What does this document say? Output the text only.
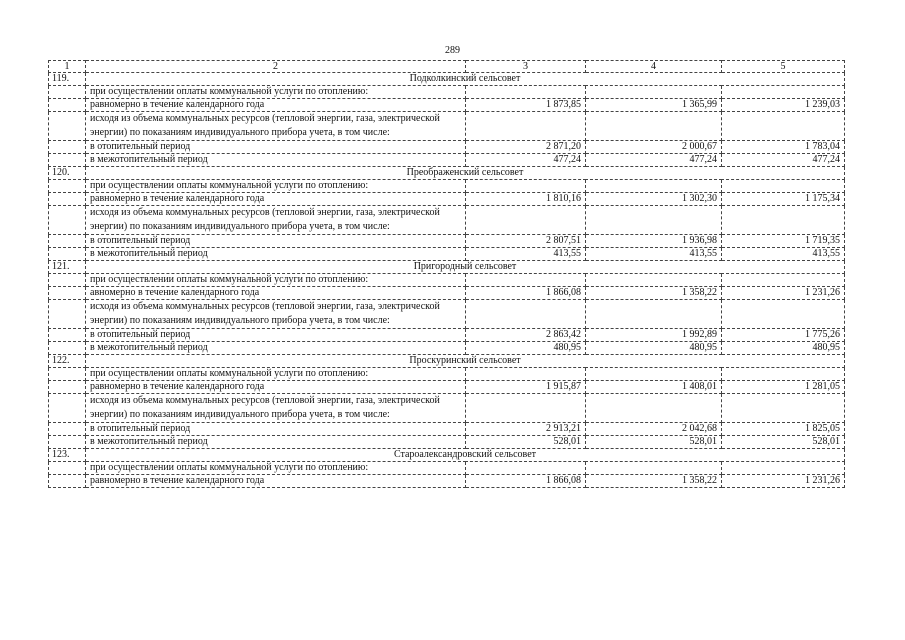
289
1	2	3	4	5
119.	Подколкинский сельсовет			
	при осуществлении оплаты коммунальной услуги по отоплению:			
	равномерно в течение календарного года	1 873,85	1 365,99	1 239,03
	исходя из объема коммунальных ресурсов (тепловой энергии, газа, электрической энергии) по показаниям индивидуального прибора учета, в том числе:			
	в отопительный период	2 871,20	2 000,67	1 783,04
	в межотопительный период	477,24	477,24	477,24
120.	Преображенский сельсовет			
	при осуществлении оплаты коммунальной услуги по отоплению:			
	равномерно в течение календарного года	1 810,16	1 302,30	1 175,34
	исходя из объема коммунальных ресурсов (тепловой энергии, газа, электрической энергии) по показаниям индивидуального прибора учета, в том числе:			
	в отопительный период	2 807,51	1 936,98	1 719,35
	в межотопительный период	413,55	413,55	413,55
121.	Пригородный сельсовет			
	при осуществлении оплаты коммунальной услуги по отоплению:			
	авномерно в течение календарного года	1 866,08	1 358,22	1 231,26
	исходя из объема коммунальных ресурсов (тепловой энергии, газа, электрической энергии) по показаниям индивидуального прибора учета, в том числе:			
	в отопительный период	2 863,42	1 992,89	1 775,26
	в межотопительный период	480,95	480,95	480,95
122.	Проскуринский сельсовет			
	при осуществлении оплаты коммунальной услуги по отоплению:			
	равномерно в течение календарного года	1 915,87	1 408,01	1 281,05
	исходя из объема коммунальных ресурсов (тепловой энергии, газа, электрической энергии) по показаниям индивидуального прибора учета, в том числе:			
	в отопительный период	2 913,21	2 042,68	1 825,05
	в межотопительный период	528,01	528,01	528,01
123.	Староалександровский сельсовет			
	при осуществлении оплаты коммунальной услуги по отоплению:			
	равномерно в течение календарного года	1 866,08	1 358,22	1 231,26
